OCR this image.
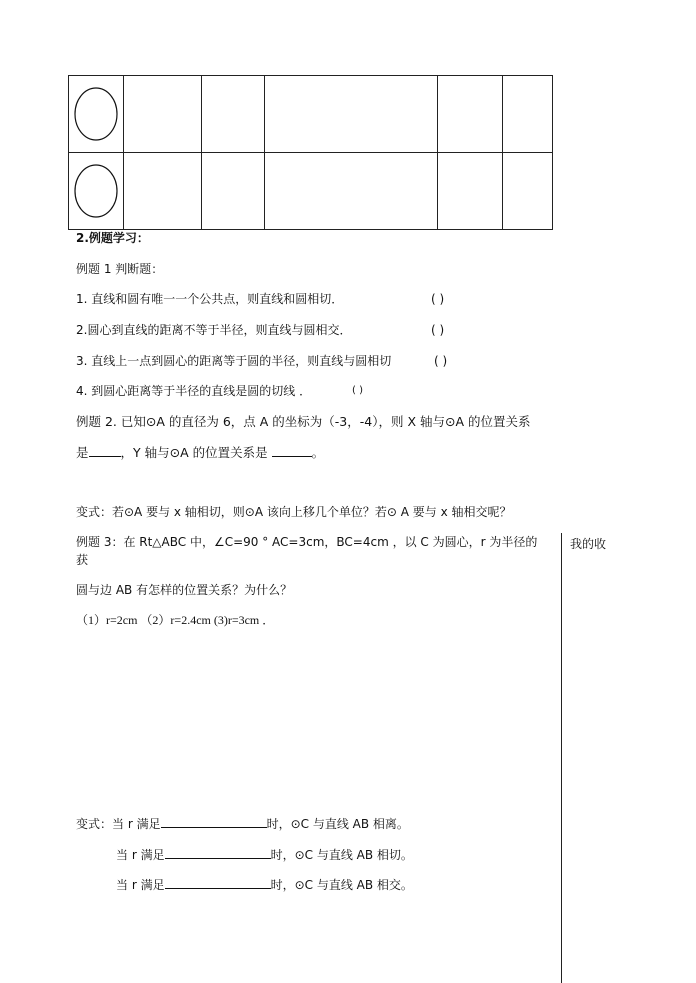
2.例题学习：
例题 1 判断题：
1. 直线和圆有唯一一个公共点，则直线和圆相切．	( )
2.圆心到直线的距离不等于半径，则直线与圆相交．	( )
3. 直线上一点到圆心的距离等于圆的半径，则直线与圆相切	( )
4. 到圆心距离等于半径的直线是圆的切线 ．	( )
例题 2. 已知⊙A 的直径为 6，点 A 的坐标为（-3，-4），则 X 轴与⊙A 的位置关系
是	，Y 轴与⊙A 的位置关系是	。
变式：若⊙A 要与 x 轴相切，则⊙A 该向上移几个单位？若⊙ A 要与 x 轴相交呢？
例题 3：在 Rt△ABC 中，∠C=90 ° AC=3cm，BC=4cm ，以 C 为圆心，r 为半径的
获
我的收
圆与边 AB 有怎样的位置关系？为什么？
（1）r=2cm （2）r=2.4cm (3)r=3cm ．
变式：当 r 满足	时，⊙C 与直线 AB 相离。
当 r 满足	时，⊙C 与直线 AB 相切。
当 r 满足	时，⊙C 与直线 AB 相交。
